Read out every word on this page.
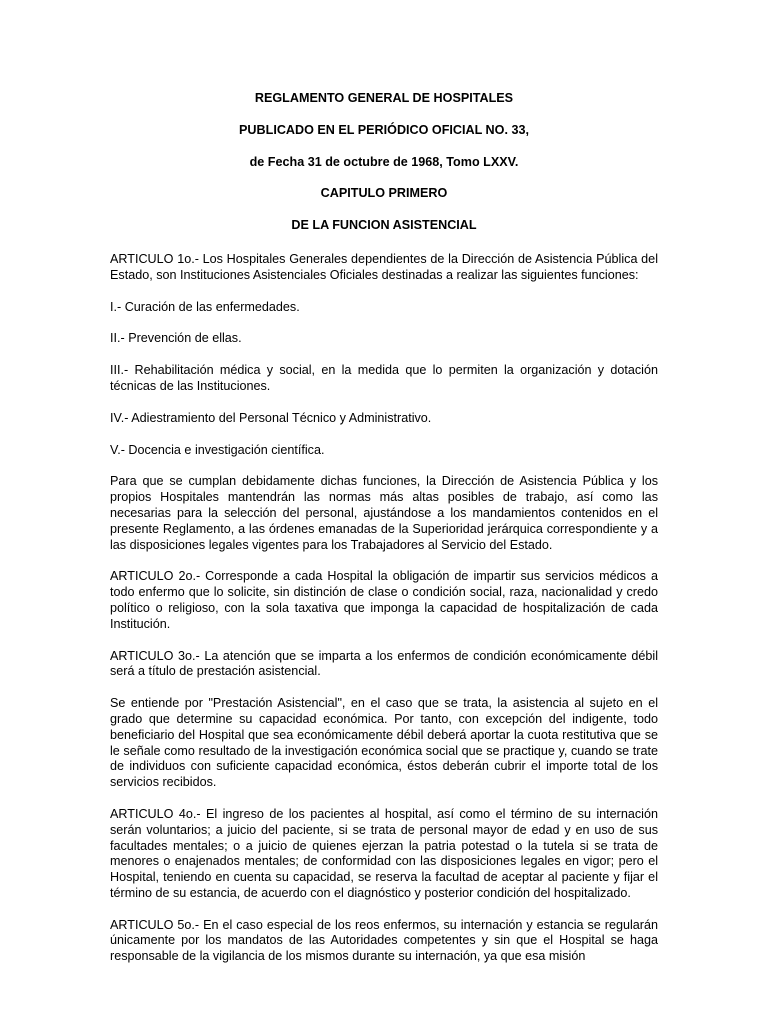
REGLAMENTO GENERAL DE HOSPITALES
PUBLICADO EN EL PERIÓDICO OFICIAL NO. 33,
de Fecha 31 de octubre de 1968, Tomo LXXV.
CAPITULO PRIMERO
DE LA FUNCION ASISTENCIAL

ARTICULO 1o.- Los Hospitales Generales dependientes de la Dirección de Asistencia Pública del Estado, son Instituciones Asistenciales Oficiales destinadas a realizar las siguientes funciones:

I.- Curación de las enfermedades.

II.- Prevención de ellas.

III.- Rehabilitación médica y social, en la medida que lo permiten la organización y dotación técnicas de las Instituciones.

IV.- Adiestramiento del Personal Técnico y Administrativo.

V.- Docencia e investigación científica.

Para que se cumplan debidamente dichas funciones, la Dirección de Asistencia Pública y los propios Hospitales mantendrán las normas más altas posibles de trabajo, así como las necesarias para la selección del personal, ajustándose a los mandamientos contenidos en el presente Reglamento, a las órdenes emanadas de la Superioridad jerárquica correspondiente y a las disposiciones legales vigentes para los Trabajadores al Servicio del Estado.

ARTICULO 2o.- Corresponde a cada Hospital la obligación de impartir sus servicios médicos a todo enfermo que lo solicite, sin distinción de clase o condición social, raza, nacionalidad y credo político o religioso, con la sola taxativa que imponga la capacidad de hospitalización de cada Institución.

ARTICULO 3o.- La atención que se imparta a los enfermos de condición económicamente débil será a título de prestación asistencial.

Se entiende por "Prestación Asistencial", en el caso que se trata, la asistencia al sujeto en el grado que determine su capacidad económica. Por tanto, con excepción del indigente, todo beneficiario del Hospital que sea económicamente débil deberá aportar la cuota restitutiva que se le señale como resultado de la investigación económica social que se practique y, cuando se trate de individuos con suficiente capacidad económica, éstos deberán cubrir el importe total de los servicios recibidos.

ARTICULO 4o.- El ingreso de los pacientes al hospital, así como el término de su internación serán voluntarios; a juicio del paciente, si se trata de personal mayor de edad y en uso de sus facultades mentales; o a juicio de quienes ejerzan la patria potestad o la tutela si se trata de menores o enajenados mentales; de conformidad con las disposiciones legales en vigor; pero el Hospital, teniendo en cuenta su capacidad, se reserva la facultad de aceptar al paciente y fijar el término de su estancia, de acuerdo con el diagnóstico y posterior condición del hospitalizado.

ARTICULO 5o.- En el caso especial de los reos enfermos, su internación y estancia se regularán únicamente por los mandatos de las Autoridades competentes y sin que el Hospital se haga responsable de la vigilancia de los mismos durante su internación, ya que esa misión
